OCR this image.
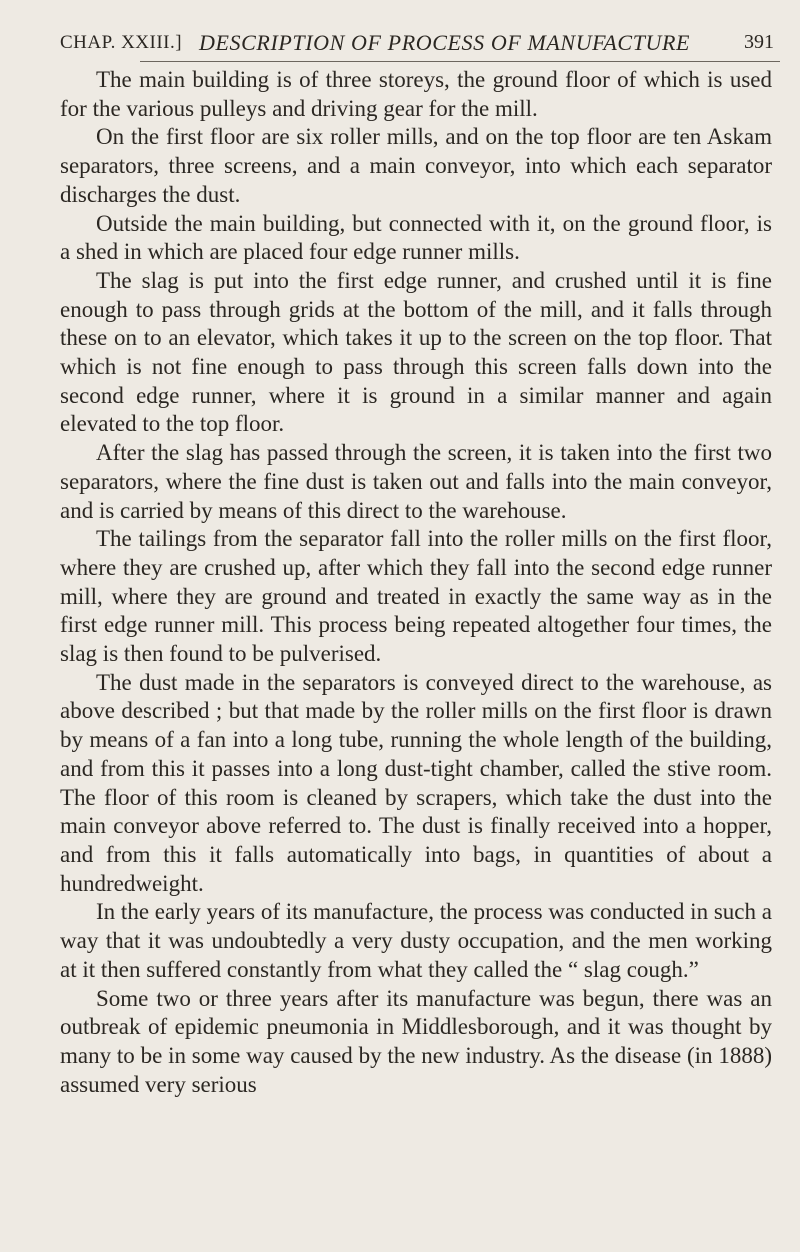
CHAP. XXIII.] DESCRIPTION OF PROCESS OF MANUFACTURE	391

The main building is of three storeys, the ground floor of which is used for the various pulleys and driving gear for the mill.

On the first floor are six roller mills, and on the top floor are ten Askam separators, three screens, and a main conveyor, into which each separator discharges the dust.

Outside the main building, but connected with it, on the ground floor, is a shed in which are placed four edge runner mills.

The slag is put into the first edge runner, and crushed until it is fine enough to pass through grids at the bottom of the mill, and it falls through these on to an elevator, which takes it up to the screen on the top floor. That which is not fine enough to pass through this screen falls down into the second edge runner, where it is ground in a similar manner and again elevated to the top floor.

After the slag has passed through the screen, it is taken into the first two separators, where the fine dust is taken out and falls into the main conveyor, and is carried by means of this direct to the warehouse.

The tailings from the separator fall into the roller mills on the first floor, where they are crushed up, after which they fall into the second edge runner mill, where they are ground and treated in exactly the same way as in the first edge runner mill. This process being repeated altogether four times, the slag is then found to be pulverised.

The dust made in the separators is conveyed direct to the warehouse, as above described ; but that made by the roller mills on the first floor is drawn by means of a fan into a long tube, running the whole length of the building, and from this it passes into a long dust-tight chamber, called the stive room. The floor of this room is cleaned by scrapers, which take the dust into the main conveyor above referred to. The dust is finally received into a hopper, and from this it falls automatically into bags, in quantities of about a hundredweight.

In the early years of its manufacture, the process was conducted in such a way that it was undoubtedly a very dusty occupation, and the men working at it then suffered constantly from what they called the “ slag cough.”

Some two or three years after its manufacture was begun, there was an outbreak of epidemic pneumonia in Middlesborough, and it was thought by many to be in some way caused by the new industry. As the disease (in 1888) assumed very serious
